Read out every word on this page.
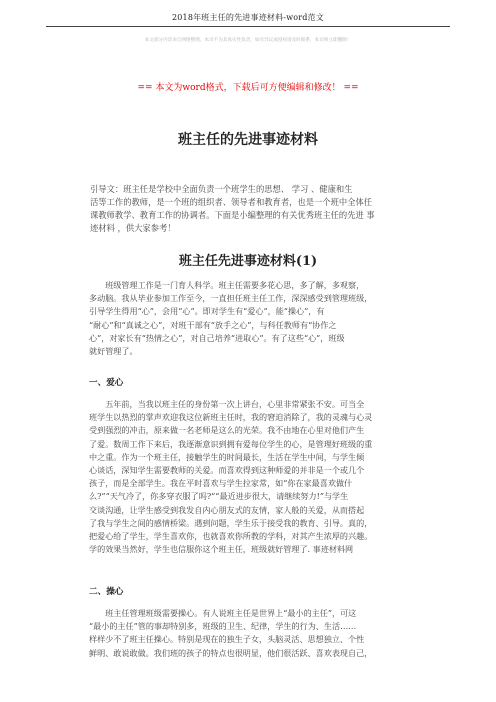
2018年班主任的先进事迹材料-word范文
本文部分内容来自网络整理，本司不为其真实性负责，如有异议或侵权请及时联系，本司将立即删除！
== 本文为word格式，下载后可方便编辑和修改！ ==
班主任的先进事迹材料
引导文：班主任是学校中全面负责一个班学生的思想、 学习 、健康和生
活等工作的教师，是一个班的组织者、领导者和教育者，也是一个班中全体任
课教师教学、教育工作的协调者。下面是小编整理的有关优秀班主任的先进 事
迹材料 ，供大家参考！
班主任先进事迹材料(1)
　　班级管理工作是一门育人科学。班主任需要多花心思，多了解，多观察，
多动脑。我从毕业参加工作至今，一直担任班主任工作，深深感受到管理班级，
引导学生得用“心”，会用“心”。即对学生有“爱心”，能“操心”，有
“耐心”和“真诚之心”，对班干部有“放手之心”，与科任教师有“协作之
心”，对家长有“热情之心”，对自己培养“进取心”。有了这些“心”，班级
就好管理了。
一、爱心
　　五年前，当我以班主任的身份第一次上讲台，心里非常紧张不安。可当全
班学生以热烈的掌声欢迎我这位新班主任时，我的窘迫消除了，我的灵魂与心灵
受到强烈的冲击，原来做一名老师是这么的光荣。我不由地在心里对他们产生
了爱。数周工作下来后，我逐渐意识到拥有爱每位学生的心，是管理好班级的重
中之重。作为一个班主任，接触学生的时间最长，生活在学生中间，与学生倾
心谈话，深知学生需要教师的关爱。而喜欢得到这种师爱的并非是一个或几个
孩子，而是全部学生。我在平时喜欢与学生拉家常，如“你在家最喜欢做什
么?”“天气冷了，你多穿衣服了吗?”“最近进步很大，请继续努力!”与学生
交谈沟通，让学生感受到我发自内心朋友式的友情，家人般的关爱，从而搭起
了我与学生之间的感情桥梁。遇到问题，学生乐于接受我的教育、引导。真的，
把爱心给了学生，学生喜欢你，也就喜欢你所教的学科，对其产生浓厚的兴趣。
学的效果当然好，学生也信服你这个班主任，班级就好管理了. 事迹材料网
二、操心
　　班主任管理班级需要操心。有人说班主任是世界上“最小的主任”，可这
“最小的主任”管的事却特别多，班级的卫生、纪律，学生的行为、生活……
样样少不了班主任操心。特别是现在的独生子女，头脑灵活、思想独立、个性
鲜明、敢说敢做。我们班的孩子的特点也很明显，他们很活跃、喜欢表现自己，
